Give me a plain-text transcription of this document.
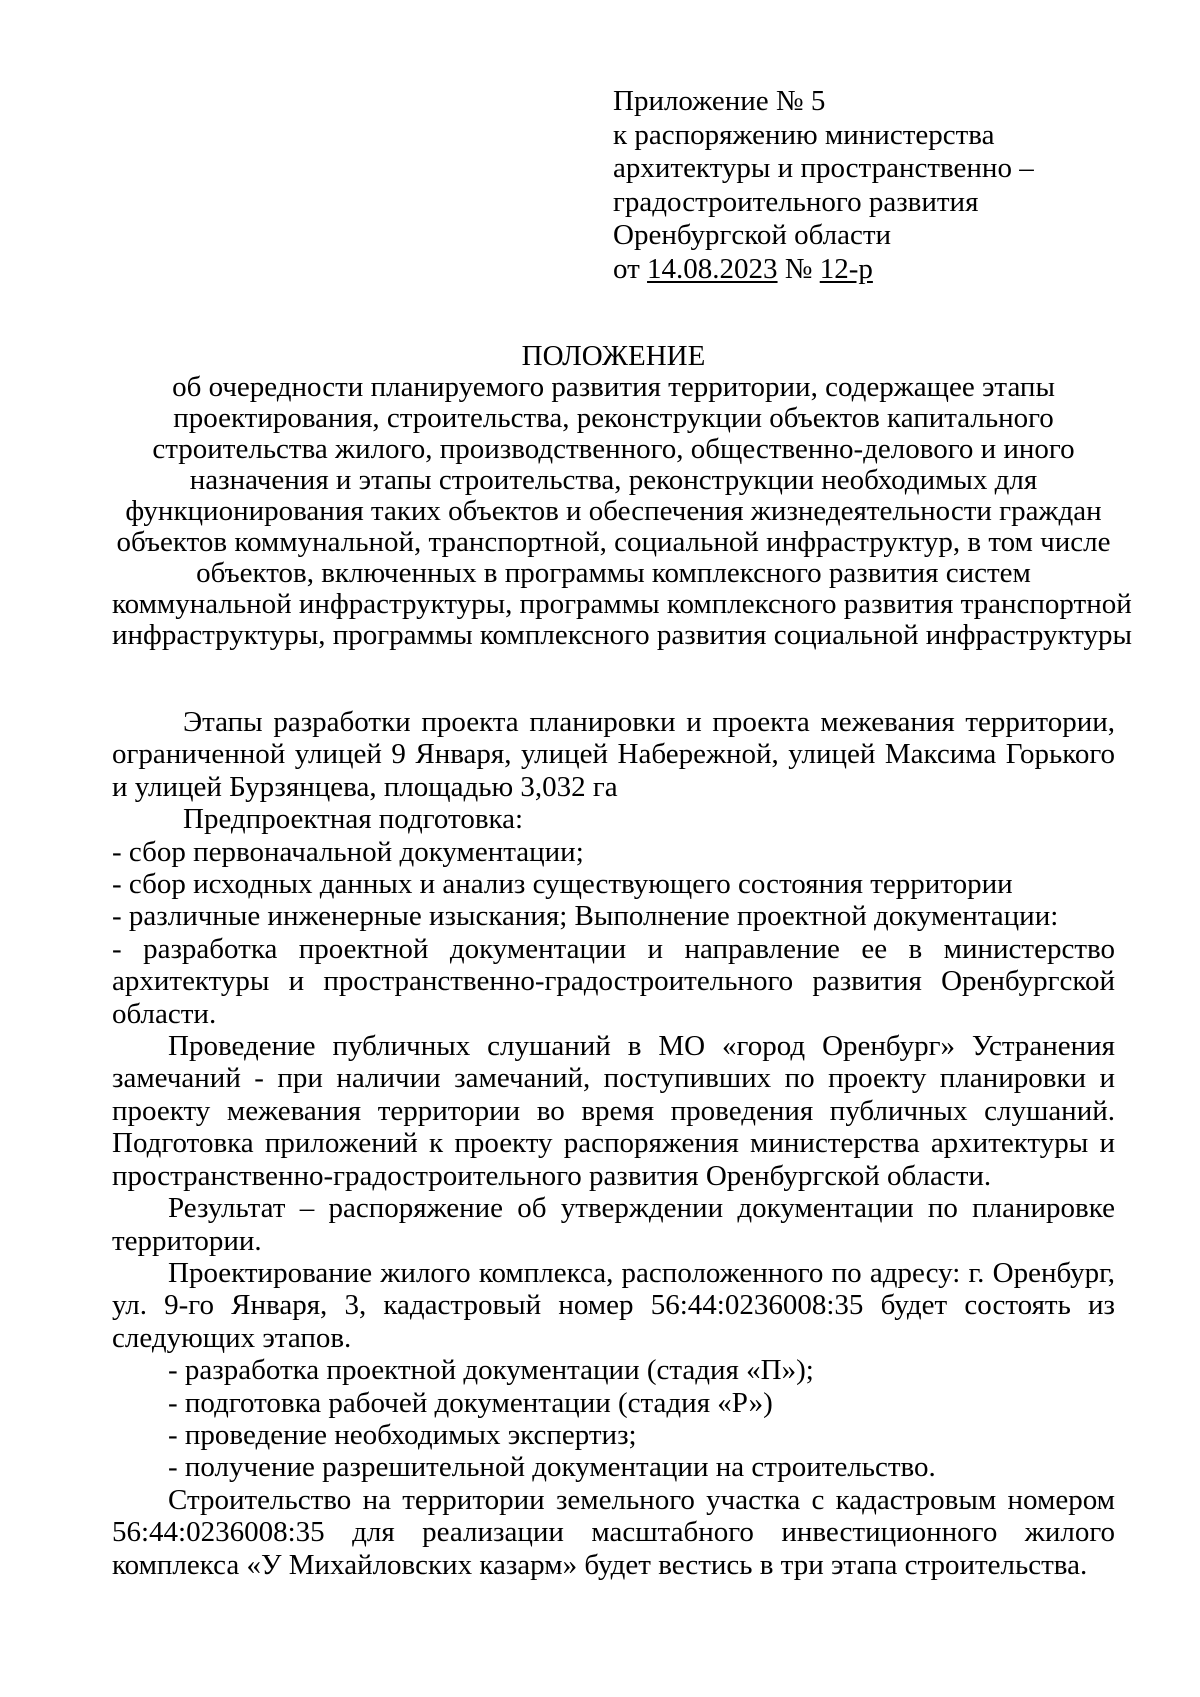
Приложение № 5
к распоряжению министерства
архитектуры и пространственно –
градостроительного развития
Оренбургской области
от 14.08.2023 № 12-р
ПОЛОЖЕНИЕ
об очередности планируемого развития территории, содержащее этапы
проектирования, строительства, реконструкции объектов капитального
строительства жилого, производственного, общественно-делового и иного
назначения и этапы строительства, реконструкции необходимых для
функционирования таких объектов и обеспечения жизнедеятельности граждан
объектов коммунальной, транспортной, социальной инфраструктур, в том числе
объектов, включенных в программы комплексного развития систем
коммунальной инфраструктуры, программы комплексного развития транспортной
инфраструктуры, программы комплексного развития социальной инфраструктуры

Этапы разработки проекта планировки и проекта межевания территории, ограниченной улицей 9 Января, улицей Набережной, улицей Максима Горького и улицей Бурзянцева, площадью 3,032 га

Предпроектная подготовка:

- сбор первоначальной документации;

- сбор исходных данных и анализ существующего состояния территории

- различные инженерные изыскания; Выполнение проектной документации:

- разработка проектной документации и направление ее в министерство архитектуры и пространственно-градостроительного развития Оренбургской области.

Проведение публичных слушаний в МО «город Оренбург» Устранения замечаний - при наличии замечаний, поступивших по проекту планировки и проекту межевания территории во время проведения публичных слушаний. Подготовка приложений к проекту распоряжения министерства архитектуры и пространственно-градостроительного развития Оренбургской области.

Результат – распоряжение об утверждении документации по планировке территории.

Проектирование жилого комплекса, расположенного по адресу: г. Оренбург, ул. 9-го Января, 3, кадастровый номер 56:44:0236008:35 будет состоять из следующих этапов.

- разработка проектной документации (стадия «П»);

- подготовка рабочей документации (стадия «Р»)

- проведение необходимых экспертиз;

- получение разрешительной документации на строительство.

Строительство на территории земельного участка с кадастровым номером 56:44:0236008:35 для реализации масштабного инвестиционного жилого комплекса «У Михайловских казарм» будет вестись в три этапа строительства.
